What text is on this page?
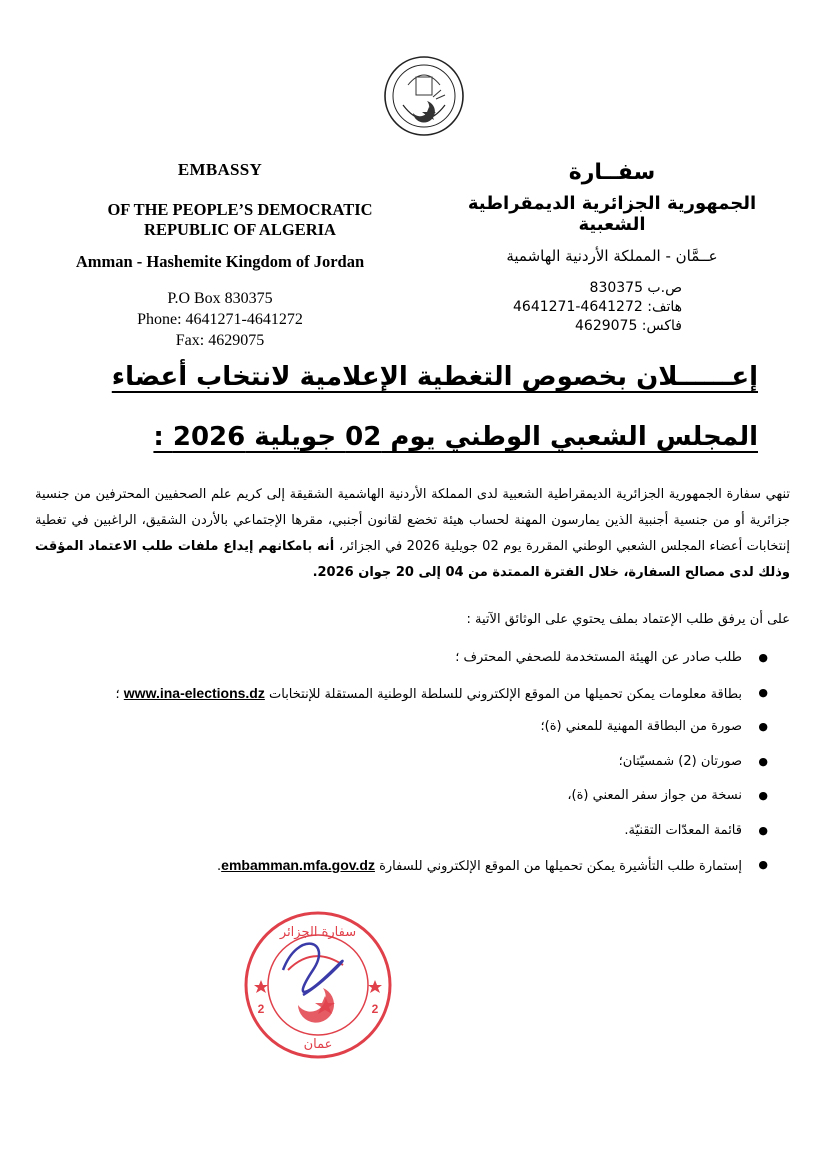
EMBASSY
OF THE PEOPLE’S DEMOCRATIC
REPUBLIC OF ALGERIA
Amman - Hashemite Kingdom of Jordan
P.O Box 830375
Phone: 4641271-4641272
Fax: 4629075
سفــارة
الجمهورية الجزائرية الديمقراطية الشعبية
عــمَّان - المملكة الأردنية الهاشمية
ص.ب 830375
هاتف: 4641272-4641271
فاكس: 4629075
إعــــــلان بخصوص التغطية الإعلامية لانتخاب أعضاء
المجلس الشعبي الوطني يوم 02 جويلية 2026 :
تنهي سفارة الجمهورية الجزائرية الديمقراطية الشعبية لدى المملكة الأردنية الهاشمية الشقيقة إلى كريم علم الصحفيين المحترفين من جنسية جزائرية أو من جنسية أجنبية الذين يمارسون المهنة لحساب هيئة تخضع لقانون أجنبي، مقرها الإجتماعي بالأردن الشقيق، الراغبين في تغطية إنتخابات أعضاء المجلس الشعبي الوطني المقررة يوم 02 جويلية 2026 في الجزائر، أنه بامكانهم إيداع ملفات طلب الاعتماد المؤقت وذلك لدى مصالح السفارة، خلال الفترة الممتدة من 04 إلى 20 جوان 2026.
على أن يرفق طلب الإعتماد بملف يحتوي على الوثائق الآتية :
● طلب صادر عن الهيئة المستخدمة للصحفي المحترف ؛
● بطاقة معلومات يمكن تحميلها من الموقع الإلكتروني للسلطة الوطنية المستقلة للإنتخابات www.ina-elections.dz ؛
● صورة من البطاقة المهنية للمعني (ة)؛
● صورتان (2) شمسيّتان؛
● نسخة من جواز سفر المعني (ة)،
● قائمة المعدّات التقنيّة.
● إستمارة طلب التأشيرة يمكن تحميلها من الموقع الإلكتروني للسفارة embamman.mfa.gov.dz.
2	2
سفارة الجزائر
عمان
